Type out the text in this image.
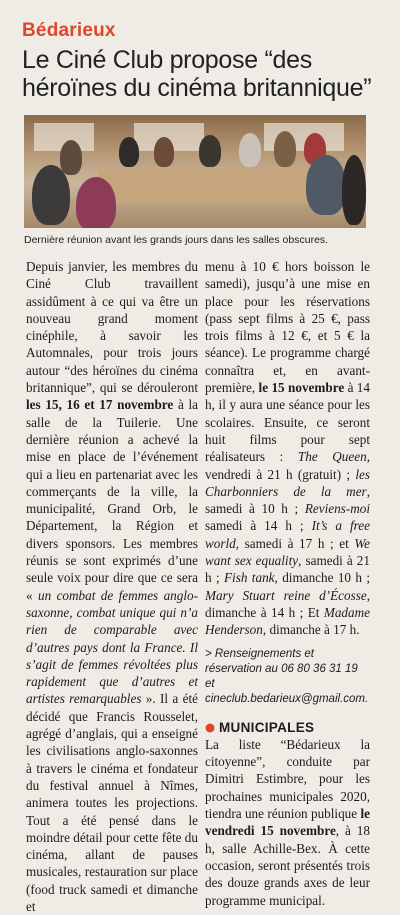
Bédarieux
Le Ciné Club propose “des héroïnes du cinéma britannique”
Dernière réunion avant les grands jours dans les salles obscures.

Depuis janvier, les membres du Ciné Club travaillent assidûment à ce qui va être un nouveau grand moment cinéphile, à savoir les Automnales, pour trois jours autour “des héroïnes du cinéma britannique”, qui se dérouleront les 15, 16 et 17 novembre à la salle de la Tuilerie. Une dernière réunion a achevé la mise en place de l’événement qui a lieu en partenariat avec les commerçants de la ville, la municipalité, Grand Orb, le Département, la Région et divers sponsors. Les membres réunis se sont exprimés d’une seule voix pour dire que ce sera « un combat de femmes anglo-saxonne, combat unique qui n’a rien de comparable avec d’autres pays dont la France. Il s’agit de femmes révoltées plus rapidement que d’autres et artistes remarquables ». Il a été décidé que Francis Rousselet, agrégé d’anglais, qui a enseigné les civilisations anglo-saxonnes à travers le cinéma et fondateur du festival annuel à Nîmes, animera toutes les projections. Tout a été pensé dans le moindre détail pour cette fête du cinéma, allant de pauses musicales, restauration sur place (food truck samedi et dimanche et

menu à 10 € hors boisson le samedi), jusqu’à une mise en place pour les réservations (pass sept films à 25 €, pass trois films à 12 €, et 5 € la séance). Le programme chargé connaîtra et, en avant-première, le 15 novembre à 14 h, il y aura une séance pour les scolaires. Ensuite, ce seront huit films pour sept réalisateurs : The Queen, vendredi à 21 h (gratuit) ; les Charbonniers de la mer, samedi à 10 h ; Reviens-moi samedi à 14 h ; It’s a free world, samedi à 17 h ; et We want sex equality, samedi à 21 h ; Fish tank, dimanche 10 h ; Mary Stuart reine d’Écosse, dimanche à 14 h ; Et Madame Henderson, dimanche à 17 h.

> Renseignements et réservation au 06 80 36 31 19 et cineclub.bedarieux@gmail.com.
MUNICIPALES

La liste “Bédarieux la citoyenne”, conduite par Dimitri Estimbre, pour les prochaines municipales 2020, tiendra une réunion publique le vendredi 15 novembre, à 18 h, salle Achille-Bex. À cette occasion, seront présentés trois des douze grands axes de leur programme municipal.
